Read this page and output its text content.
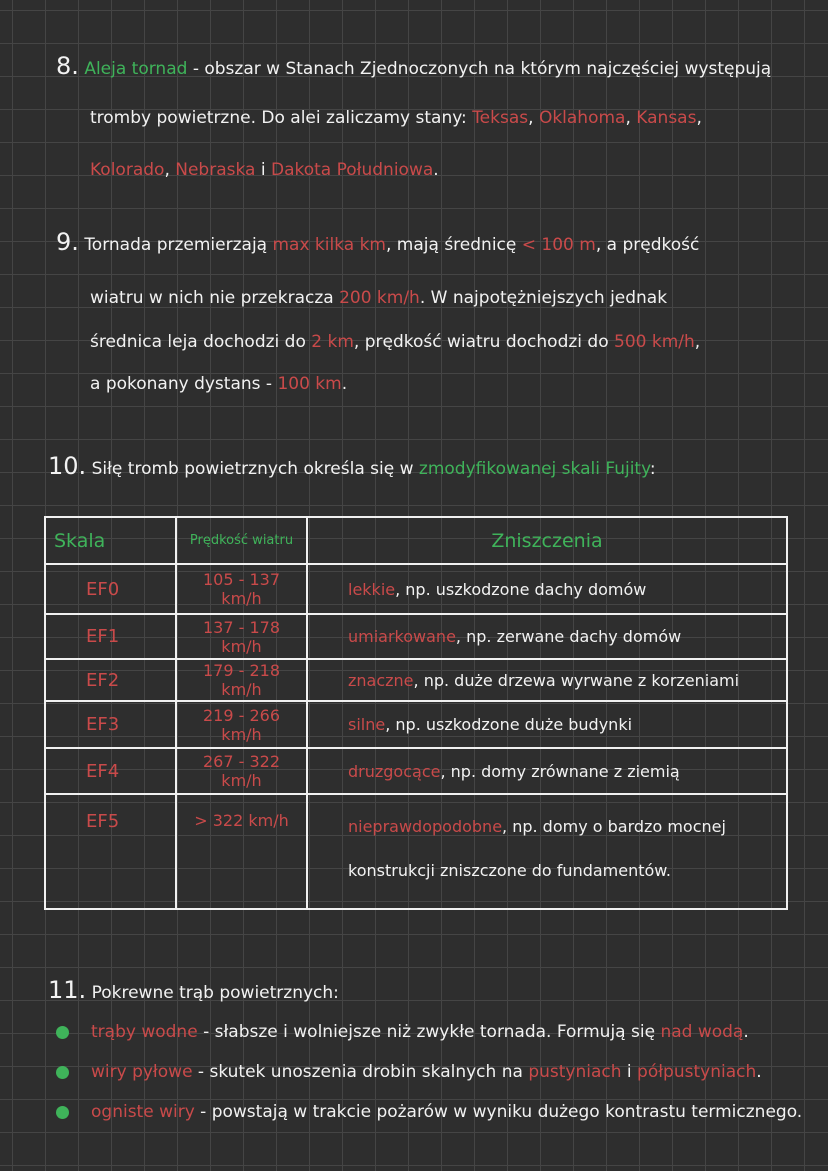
8. Aleja tornad - obszar w Stanach Zjednoczonych na którym najczęściej występują
tromby powietrzne. Do alei zaliczamy stany: Teksas, Oklahoma, Kansas,
Kolorado, Nebraska i Dakota Południowa.
9. Tornada przemierzają max kilka km, mają średnicę < 100 m, a prędkość
wiatru w nich nie przekracza 200 km/h. W najpotężniejszych jednak
średnica leja dochodzi do 2 km, prędkość wiatru dochodzi do 500 km/h,
a pokonany dystans - 100 km.
10. Siłę tromb powietrznych określa się w zmodyfikowanej skali Fujity:
Skala	Prędkość wiatru	Zniszczenia
EF0	105 - 137 km/h	lekkie, np. uszkodzone dachy domów
EF1	137 - 178 km/h	umiarkowane, np. zerwane dachy domów
EF2	179 - 218 km/h	znaczne, np. duże drzewa wyrwane z korzeniami
EF3	219 - 266 km/h	silne, np. uszkodzone duże budynki
EF4	267 - 322 km/h	druzgocące, np. domy zrównane z ziemią
EF5	> 322 km/h	nieprawdopodobne, np. domy o bardzo mocnej konstrukcji zniszczone do fundamentów.
11. Pokrewne trąb powietrznych:
trąby wodne - słabsze i wolniejsze niż zwykłe tornada. Formują się nad wodą.
wiry pyłowe - skutek unoszenia drobin skalnych na pustyniach i półpustyniach.
ogniste wiry - powstają w trakcie pożarów w wyniku dużego kontrastu termicznego.
